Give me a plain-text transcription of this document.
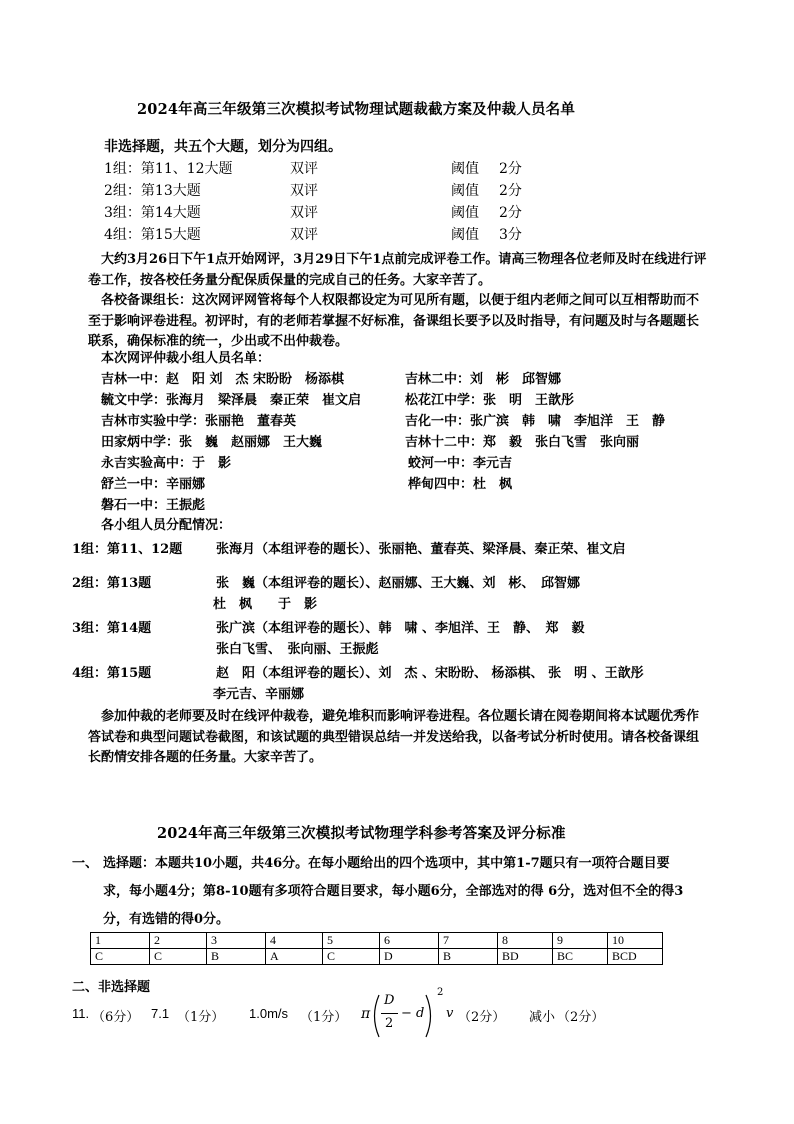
2024年高三年级第三次模拟考试物理试题裁截方案及仲裁人员名单
非选择题，共五个大题，划分为四组。
1组：第11、12大题	双评	阈值 2分
2组：第13大题	双评	阈值 2分
3组：第14大题	双评	阈值 2分
4组：第15大题	双评	阈值 3分
大约3月26日下午1点开始网评，3月29日下午1点前完成评卷工作。请高三物理各位老师及时在线进行评卷工作，按各校任务量分配保质保量的完成自己的任务。大家辛苦了。
各校备课组长：这次网评网管将每个人权限都设定为可见所有题，以便于组内老师之间可以互相帮助而不至于影响评卷进程。初评时，有的老师若掌握不好标准，备课组长要予以及时指导，有问题及时与各题题长联系，确保标准的统一，少出或不出仲裁卷。
本次网评仲裁小组人员名单：
吉林一中：赵　阳 刘　杰 宋盼盼　杨添棋	吉林二中：刘　彬　邱智娜
毓文中学：张海月　梁泽晨　秦正荣　崔文启	松花江中学：张　明　王歆彤
吉林市实验中学：张丽艳　董春英	吉化一中：张广滨　韩　啸　李旭洋　王　静
田家炳中学：张　巍　赵丽娜　王大巍	吉林十二中：郑　毅　张白飞雪　张向丽
永吉实验高中：于　影	蛟河一中：李元吉
舒兰一中：辛丽娜	桦甸四中：杜　枫
磐石一中：王振彪
各小组人员分配情况：
1组：第11、12题	张海月（本组评卷的题长）、张丽艳、董春英、梁泽晨、秦正荣、崔文启
2组：第13题	张　巍（本组评卷的题长）、赵丽娜、王大巍、刘　彬、　邱智娜
杜　枫　　于　影
3组：第14题	张广滨（本组评卷的题长）、韩　啸 、李旭洋、王　静、　郑　毅
张白飞雪、　张向丽、王振彪
4组：第15题	赵　阳（本组评卷的题长）、刘　杰 、宋盼盼、 杨添棋、 张　明 、王歆彤
李元吉、辛丽娜
参加仲裁的老师要及时在线评仲裁卷，避免堆积而影响评卷进程。各位题长请在阅卷期间将本试题优秀作答试卷和典型问题试卷截图，和该试题的典型错误总结一并发送给我，以备考试分析时使用。请各校备课组长酌情安排各题的任务量。大家辛苦了。
2024年高三年级第三次模拟考试物理学科参考答案及评分标准
一、 选择题：本题共10小题，共46分。在每小题给出的四个选项中，其中第1-7题只有一项符合题目要
求，每小题4分；第8-10题有多项符合题目要求，每小题6分，全部选对的得 6分，选对但不全的得3
分，有选错的得0分。
1	2	3	4	5	6	7	8	9	10
C	C	B	A	C	D	B	BD	BC	BCD
二、非选择题
11. （6分） 7.1 （1分） 1.0m/s （1分） π
D
2
− d
2
v （2分） 减小 （2分）
